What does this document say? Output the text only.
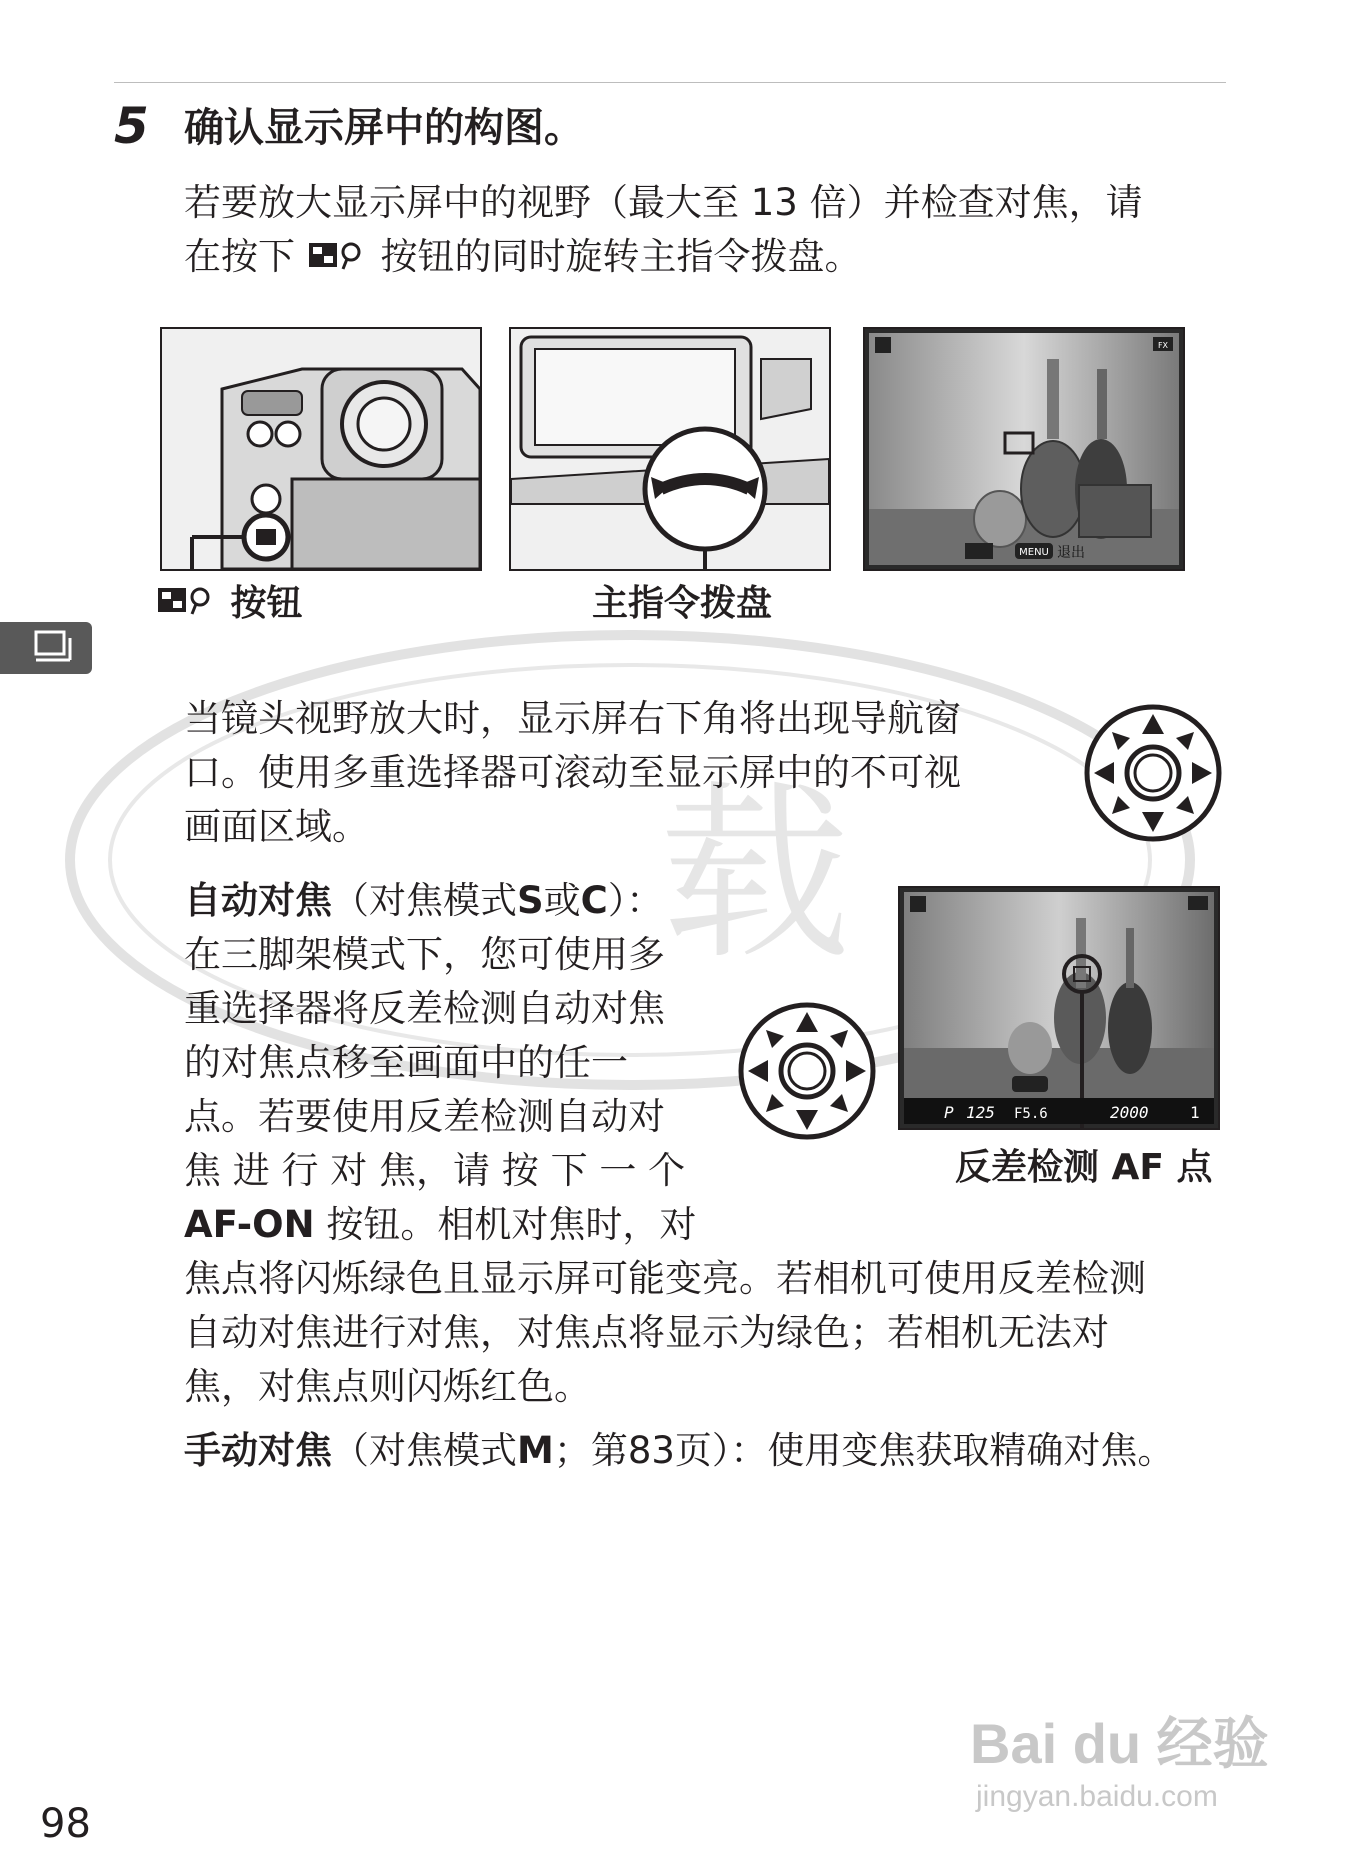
5 确认显示屏中的构图。
若要放大显示屏中的视野（最大至 13 倍）并检查对焦，请
在按下 按钮的同时旋转主指令拨盘。
FX
MENU 退出
按钮	主指令拨盘
载
当镜头视野放大时，显示屏右下角将出现导航窗
口。使用多重选择器可滚动至显示屏中的不可视
画面区域。
自动对焦（对焦模式S或C）：
在三脚架模式下，您可使用多
重选择器将反差检测自动对焦
的对焦点移至画面中的任一
点。若要使用反差检测自动对
焦 进 行 对 焦，请 按 下 一 个
AF-ON 按钮。相机对焦时，对
焦点将闪烁绿色且显示屏可能变亮。若相机可使用反差检测
自动对焦进行对焦，对焦点将显示为绿色；若相机无法对
焦，对焦点则闪烁红色。
P 125 F5.6	2000	1
反差检测 AF 点
手动对焦（对焦模式M；第83页）：使用变焦获取精确对焦。
Bai du 经验
jingyan.baidu.com
98
